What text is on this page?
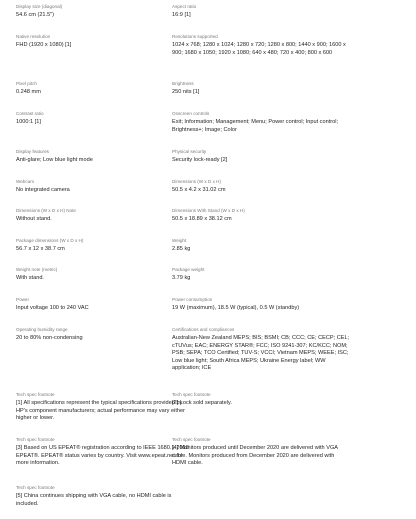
Display size (diagonal)
54.6 cm (21.5")
Aspect ratio
16:9 [1]
Native resolution
FHD (1920 x 1080) [1]
Resolutions supported
1024 x 768; 1280 x 1024; 1280 x 720; 1280 x 800; 1440 x 900; 1600 x 900; 1680 x 1050; 1920 x 1080; 640 x 480; 720 x 400; 800 x 600
Pixel pitch
0.248 mm
Brightness
250 nits [1]
Contrast ratio
1000:1 [1]
Onscreen controls
Exit; Information; Management; Menu; Power control; Input control; Brightness+; Image; Color
Display features
Anti-glare; Low blue light mode
Physical security
Security lock-ready [2]
Webcam
No integrated camera
Dimensions (W x D x H)
50.5 x 4.2 x 31.02 cm
Dimensions (W x D x H) Note
Without stand.
Dimensions With Stand (W x D x H)
50.5 x 18.89 x 38.12 cm
Package dimensions (W x D x H)
56.7 x 12 x 38.7 cm
Weight
2.85 kg
Weight note (metric)
With stand.
Package weight
3.79 kg
Power
Input voltage 100 to 240 VAC
Power consumption
19 W (maximum), 18.5 W (typical), 0.5 W (standby)
Operating humidity range
20 to 80% non-condensing
Certifications and compliances
Australian-New Zealand MEPS; BIS; BSMI; CB; CCC; CE; CECP; CEL; cTUVus; EAC; ENERGY STAR®; FCC; ISO 9241-307; KC/KCC; NOM; PSB; SEPA; TCO Certified; TUV-S; VCCI; Vietnam MEPS; WEEE; ISC; Low blue light; South Africa MEPS; Ukraine Energy label; WW application; ICE
Tech spec footnote
[1] All specifications represent the typical specifications provided by HP's component manufacturers; actual performance may vary either higher or lower.
Tech spec footnote
[2] Lock sold separately.
Tech spec footnote
[3] Based on US EPEAT® registration according to IEEE 1680.1-2018 EPEAT®. EPEAT® status varies by country. Visit www.epeat.net for more information.
Tech spec footnote
[4] Monitors produced until December 2020 are delivered with VGA cable. Monitors produced from December 2020 are delivered with HDMI cable.
Tech spec footnote
[5] China continues shipping with VGA cable, no HDMI cable is included.
